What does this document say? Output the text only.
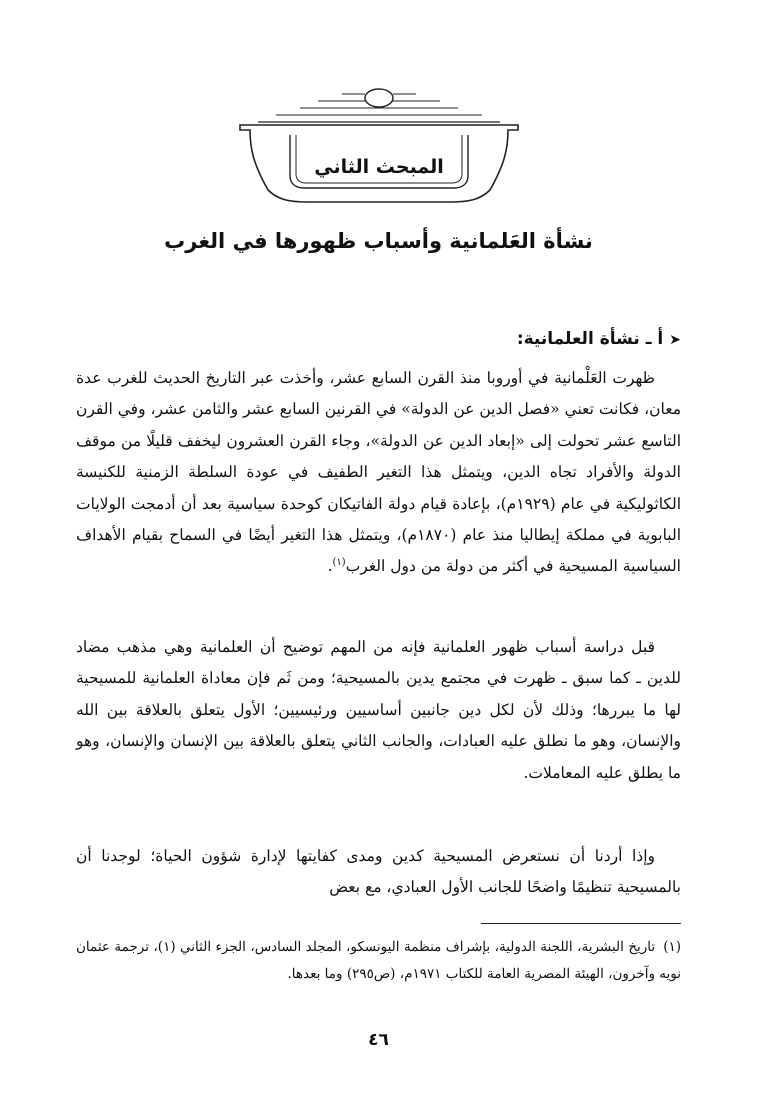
المبحث الثاني
نشأة العَلمانية وأسباب ظهورها في الغرب
➤أ ـ نشأة العلمانية:

ظهرت العَلْمانية في أوروبا منذ القرن السابع عشر، وأخذت عبر التاريخ الحديث للغرب عدة معان، فكانت تعني «فصل الدين عن الدولة» في القرنين السابع عشر والثامن عشر، وفي القرن التاسع عشر تحولت إلى «إبعاد الدين عن الدولة»، وجاء القرن العشرون ليخفف قليلًا من موقف الدولة والأفراد تجاه الدين، ويتمثل هذا التغير الطفيف في عودة السلطة الزمنية للكنيسة الكاثوليكية في عام (١٩٢٩م)، بإعادة قيام دولة الفاتيكان كوحدة سياسية بعد أن أدمجت الولايات البابوية في مملكة إيطاليا منذ عام (١٨٧٠م)، ويتمثل هذا التغير أيضًا في السماح بقيام الأهداف السياسية المسيحية في أكثر من دولة من دول الغرب$^{(١)}$.

قبل دراسة أسباب ظهور العلمانية فإنه من المهم توضيح أن العلمانية وهي مذهب مضاد للدين ـ كما سبق ـ ظهرت في مجتمع يدين بالمسيحية؛ ومن ثَم فإن معاداة العلمانية للمسيحية لها ما يبررها؛ وذلك لأن لكل دين جانبين أساسيين ورئيسيين؛ الأول يتعلق بالعلاقة بين الله والإنسان، وهو ما نطلق عليه العبادات، والجانب الثاني يتعلق بالعلاقة بين الإنسان والإنسان، وهو ما يطلق عليه المعاملات.

وإذا أردنا أن نستعرض المسيحية كدين ومدى كفايتها لإدارة شؤون الحياة؛ لوجدنا أن بالمسيحية تنظيمًا واضحًا للجانب الأول العبادي، مع بعض

(١)تاريخ البشرية، اللجنة الدولية، بإشراف منظمة اليونسكو، المجلد السادس، الجزء الثاني (١)، ترجمة عثمان نويه وآخرون، الهيئة المصرية العامة للكتاب ١٩٧١م، (ص٢٩٥) وما بعدها.

٤٦
